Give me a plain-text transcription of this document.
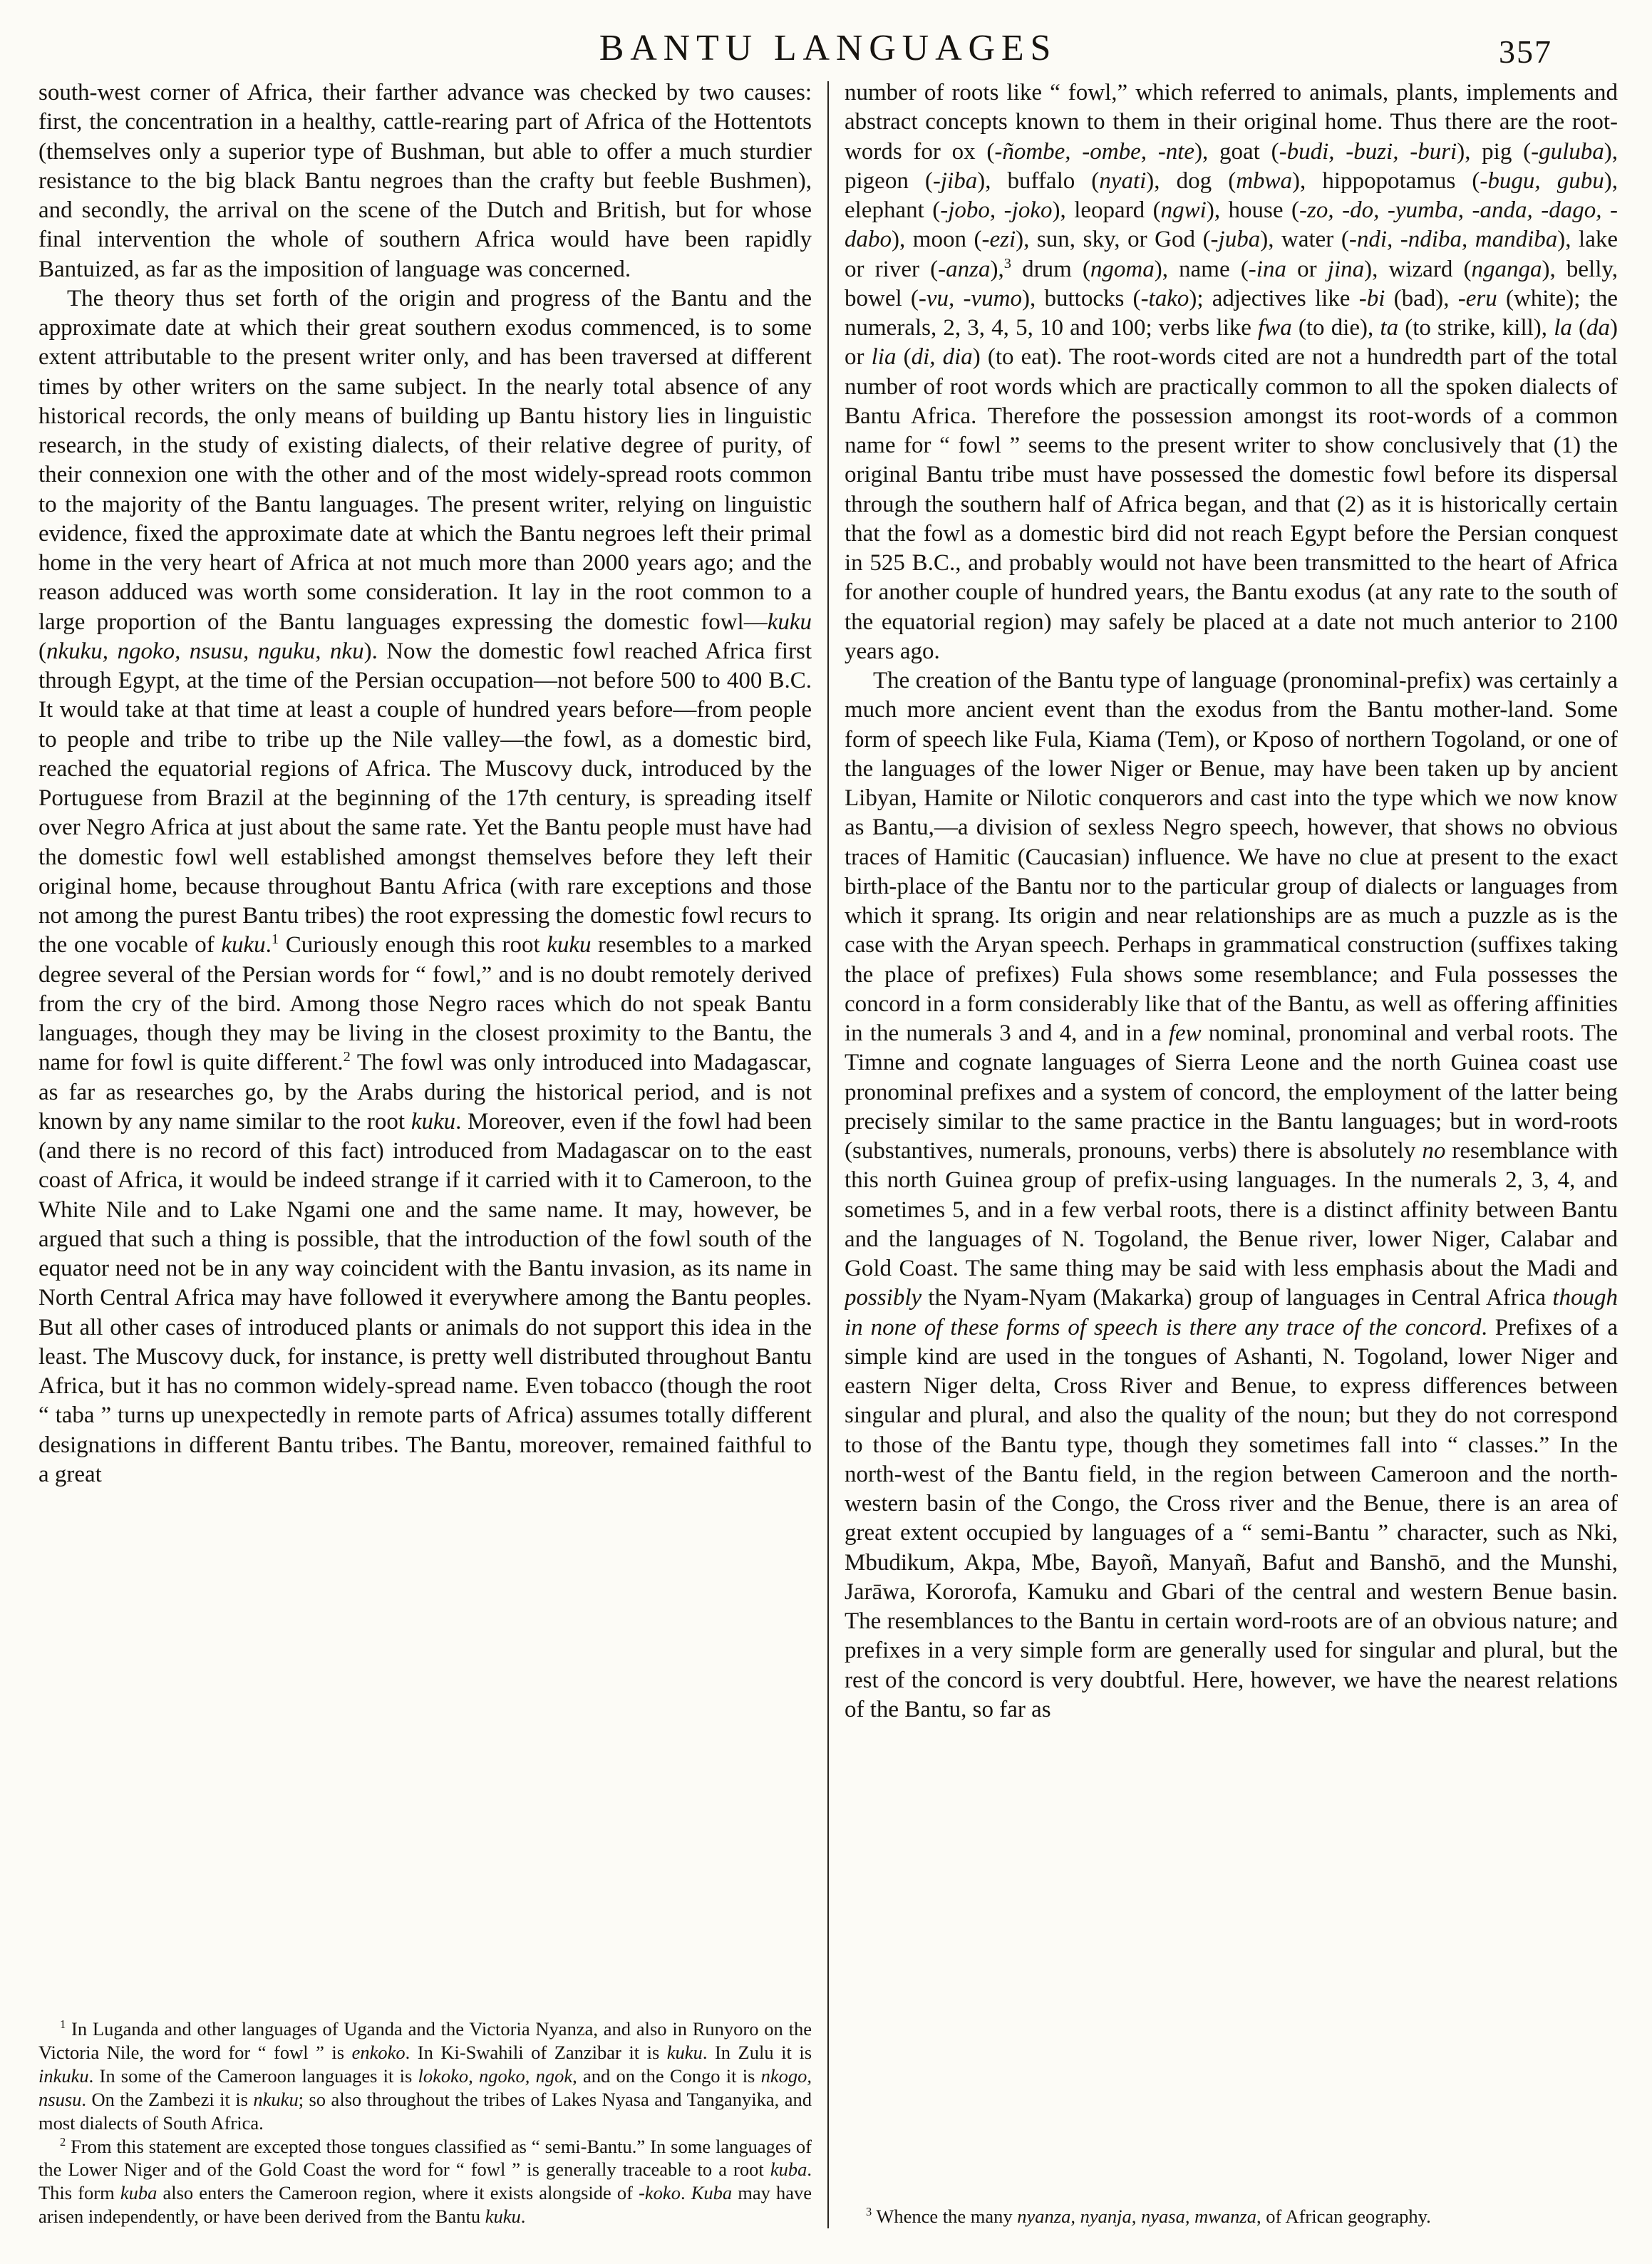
BANTU LANGUAGES	357

south-west corner of Africa, their farther advance was checked by two causes: first, the concentration in a healthy, cattle-rearing part of Africa of the Hottentots (themselves only a superior type of Bushman, but able to offer a much sturdier resistance to the big black Bantu negroes than the crafty but feeble Bushmen), and secondly, the arrival on the scene of the Dutch and British, but for whose final intervention the whole of southern Africa would have been rapidly Bantuized, as far as the imposition of language was concerned.

The theory thus set forth of the origin and progress of the Bantu and the approximate date at which their great southern exodus commenced, is to some extent attributable to the present writer only, and has been traversed at different times by other writers on the same subject. In the nearly total absence of any historical records, the only means of building up Bantu history lies in linguistic research, in the study of existing dialects, of their relative degree of purity, of their connexion one with the other and of the most widely-spread roots common to the majority of the Bantu languages. The present writer, relying on linguistic evidence, fixed the approximate date at which the Bantu negroes left their primal home in the very heart of Africa at not much more than 2000 years ago; and the reason adduced was worth some consideration. It lay in the root common to a large proportion of the Bantu languages expressing the domestic fowl—kuku (nkuku, ngoko, nsusu, nguku, nku). Now the domestic fowl reached Africa first through Egypt, at the time of the Persian occupation—not before 500 to 400 B.C. It would take at that time at least a couple of hundred years before—from people to people and tribe to tribe up the Nile valley—the fowl, as a domestic bird, reached the equatorial regions of Africa. The Muscovy duck, introduced by the Portuguese from Brazil at the beginning of the 17th century, is spreading itself over Negro Africa at just about the same rate. Yet the Bantu people must have had the domestic fowl well established amongst themselves before they left their original home, because throughout Bantu Africa (with rare exceptions and those not among the purest Bantu tribes) the root expressing the domestic fowl recurs to the one vocable of kuku.$^1$ Curiously enough this root kuku resembles to a marked degree several of the Persian words for “ fowl,” and is no doubt remotely derived from the cry of the bird. Among those Negro races which do not speak Bantu languages, though they may be living in the closest proximity to the Bantu, the name for fowl is quite different.$^2$ The fowl was only introduced into Madagascar, as far as researches go, by the Arabs during the historical period, and is not known by any name similar to the root kuku. Moreover, even if the fowl had been (and there is no record of this fact) introduced from Madagascar on to the east coast of Africa, it would be indeed strange if it carried with it to Cameroon, to the White Nile and to Lake Ngami one and the same name. It may, however, be argued that such a thing is possible, that the introduction of the fowl south of the equator need not be in any way coincident with the Bantu invasion, as its name in North Central Africa may have followed it everywhere among the Bantu peoples. But all other cases of introduced plants or animals do not support this idea in the least. The Muscovy duck, for instance, is pretty well distributed throughout Bantu Africa, but it has no common widely-spread name. Even tobacco (though the root “ taba ” turns up unexpectedly in remote parts of Africa) assumes totally different designations in different Bantu tribes. The Bantu, moreover, remained faithful to a great

$^1$ In Luganda and other languages of Uganda and the Victoria Nyanza, and also in Runyoro on the Victoria Nile, the word for “ fowl ” is enkoko. In Ki-Swahili of Zanzibar it is kuku. In Zulu it is inkuku. In some of the Cameroon languages it is lokoko, ngoko, ngok, and on the Congo it is nkogo, nsusu. On the Zambezi it is nkuku; so also throughout the tribes of Lakes Nyasa and Tanganyika, and most dialects of South Africa.

$^2$ From this statement are excepted those tongues classified as “ semi-Bantu.” In some languages of the Lower Niger and of the Gold Coast the word for “ fowl ” is generally traceable to a root kuba. This form kuba also enters the Cameroon region, where it exists alongside of -koko. Kuba may have arisen independently, or have been derived from the Bantu kuku.

number of roots like “ fowl,” which referred to animals, plants, implements and abstract concepts known to them in their original home. Thus there are the root-words for ox (-ñombe, -ombe, -nte), goat (-budi, -buzi, -buri), pig (-guluba), pigeon (-jiba), buffalo (nyati), dog (mbwa), hippopotamus (-bugu, gubu), elephant (-jobo, -joko), leopard (ngwi), house (-zo, -do, -yumba, -anda, -dago, -dabo), moon (-ezi), sun, sky, or God (-juba), water (-ndi, -ndiba, mandiba), lake or river (-anza),$^3$ drum (ngoma), name (-ina or jina), wizard (nganga), belly, bowel (-vu, -vumo), buttocks (-tako); adjectives like -bi (bad), -eru (white); the numerals, 2, 3, 4, 5, 10 and 100; verbs like fwa (to die), ta (to strike, kill), la (da) or lia (di, dia) (to eat). The root-words cited are not a hundredth part of the total number of root words which are practically common to all the spoken dialects of Bantu Africa. Therefore the possession amongst its root-words of a common name for “ fowl ” seems to the present writer to show conclusively that (1) the original Bantu tribe must have possessed the domestic fowl before its dispersal through the southern half of Africa began, and that (2) as it is historically certain that the fowl as a domestic bird did not reach Egypt before the Persian conquest in 525 B.C., and probably would not have been transmitted to the heart of Africa for another couple of hundred years, the Bantu exodus (at any rate to the south of the equatorial region) may safely be placed at a date not much anterior to 2100 years ago.

The creation of the Bantu type of language (pronominal-prefix) was certainly a much more ancient event than the exodus from the Bantu mother-land. Some form of speech like Fula, Kiama (Tem), or Kposo of northern Togoland, or one of the languages of the lower Niger or Benue, may have been taken up by ancient Libyan, Hamite or Nilotic conquerors and cast into the type which we now know as Bantu,—a division of sexless Negro speech, however, that shows no obvious traces of Hamitic (Caucasian) influence. We have no clue at present to the exact birth-place of the Bantu nor to the particular group of dialects or languages from which it sprang. Its origin and near relationships are as much a puzzle as is the case with the Aryan speech. Perhaps in grammatical construction (suffixes taking the place of prefixes) Fula shows some resemblance; and Fula possesses the concord in a form considerably like that of the Bantu, as well as offering affinities in the numerals 3 and 4, and in a few nominal, pronominal and verbal roots. The Timne and cognate languages of Sierra Leone and the north Guinea coast use pronominal prefixes and a system of concord, the employment of the latter being precisely similar to the same practice in the Bantu languages; but in word-roots (substantives, numerals, pronouns, verbs) there is absolutely no resemblance with this north Guinea group of prefix-using languages. In the numerals 2, 3, 4, and sometimes 5, and in a few verbal roots, there is a distinct affinity between Bantu and the languages of N. Togoland, the Benue river, lower Niger, Calabar and Gold Coast. The same thing may be said with less emphasis about the Madi and possibly the Nyam-Nyam (Makarka) group of languages in Central Africa though in none of these forms of speech is there any trace of the concord. Prefixes of a simple kind are used in the tongues of Ashanti, N. Togoland, lower Niger and eastern Niger delta, Cross River and Benue, to express differences between singular and plural, and also the quality of the noun; but they do not correspond to those of the Bantu type, though they sometimes fall into “ classes.” In the north-west of the Bantu field, in the region between Cameroon and the north-western basin of the Congo, the Cross river and the Benue, there is an area of great extent occupied by languages of a “ semi-Bantu ” character, such as Nki, Mbudikum, Akpa, Mbe, Bayoñ, Manyañ, Bafut and Banshō, and the Munshi, Jarāwa, Kororofa, Kamuku and Gbari of the central and western Benue basin. The resemblances to the Bantu in certain word-roots are of an obvious nature; and prefixes in a very simple form are generally used for singular and plural, but the rest of the concord is very doubtful. Here, however, we have the nearest relations of the Bantu, so far as

$^3$ Whence the many nyanza, nyanja, nyasa, mwanza, of African geography.
